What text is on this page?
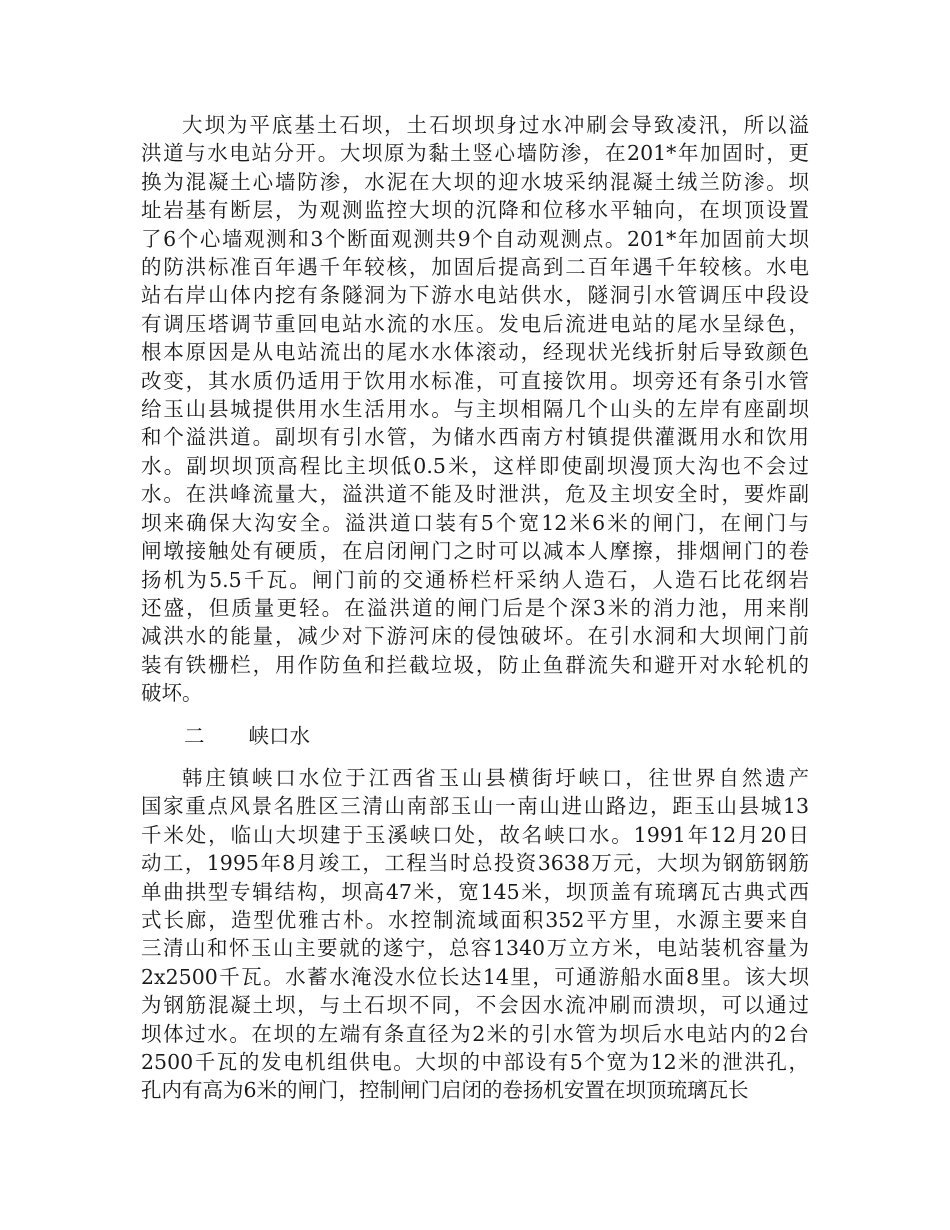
大坝为平底基土石坝，土石坝坝身过水冲刷会导致凌汛，所以溢
洪道与水电站分开。大坝原为黏土竖心墙防渗，在201*年加固时，更
换为混凝土心墙防渗，水泥在大坝的迎水坡采纳混凝土绒兰防渗。坝
址岩基有断层，为观测监控大坝的沉降和位移水平轴向，在坝顶设置
了6个心墙观测和3个断面观测共9个自动观测点。201*年加固前大坝
的防洪标准百年遇千年较核，加固后提高到二百年遇千年较核。水电
站右岸山体内挖有条隧洞为下游水电站供水，隧洞引水管调压中段设
有调压塔调节重回电站水流的水压。发电后流进电站的尾水呈绿色，
根本原因是从电站流出的尾水水体滚动，经现状光线折射后导致颜色
改变，其水质仍适用于饮用水标准，可直接饮用。坝旁还有条引水管
给玉山县城提供用水生活用水。与主坝相隔几个山头的左岸有座副坝
和个溢洪道。副坝有引水管，为储水西南方村镇提供灌溉用水和饮用
水。副坝坝顶高程比主坝低0.5米，这样即使副坝漫顶大沟也不会过
水。在洪峰流量大，溢洪道不能及时泄洪，危及主坝安全时，要炸副
坝来确保大沟安全。溢洪道口装有5个宽12米6米的闸门，在闸门与
闸墩接触处有硬质，在启闭闸门之时可以减本人摩擦，排烟闸门的卷
扬机为5.5千瓦。闸门前的交通桥栏杆采纳人造石，人造石比花纲岩
还盛，但质量更轻。在溢洪道的闸门后是个深3米的消力池，用来削
减洪水的能量，减少对下游河床的侵蚀破坏。在引水洞和大坝闸门前
装有铁栅栏，用作防鱼和拦截垃圾，防止鱼群流失和避开对水轮机的
破坏。
二 峡口水
韩庄镇峡口水位于江西省玉山县横街圩峡口，往世界自然遗产
国家重点风景名胜区三清山南部玉山一南山进山路边，距玉山县城13
千米处，临山大坝建于玉溪峡口处，故名峡口水。1991年12月20日
动工，1995年8月竣工，工程当时总投资3638万元，大坝为钢筋钢筋
单曲拱型专辑结构，坝高47米，宽145米，坝顶盖有琉璃瓦古典式西
式长廊，造型优雅古朴。水控制流域面积352平方里，水源主要来自
三清山和怀玉山主要就的遂宁，总容1340万立方米，电站装机容量为
2x2500千瓦。水蓄水淹没水位长达14里，可通游船水面8里。该大坝
为钢筋混凝土坝，与土石坝不同，不会因水流冲刷而溃坝，可以通过
坝体过水。在坝的左端有条直径为2米的引水管为坝后水电站内的2台
2500千瓦的发电机组供电。大坝的中部设有5个宽为12米的泄洪孔，
孔内有高为6米的闸门，控制闸门启闭的卷扬机安置在坝顶琉璃瓦长
